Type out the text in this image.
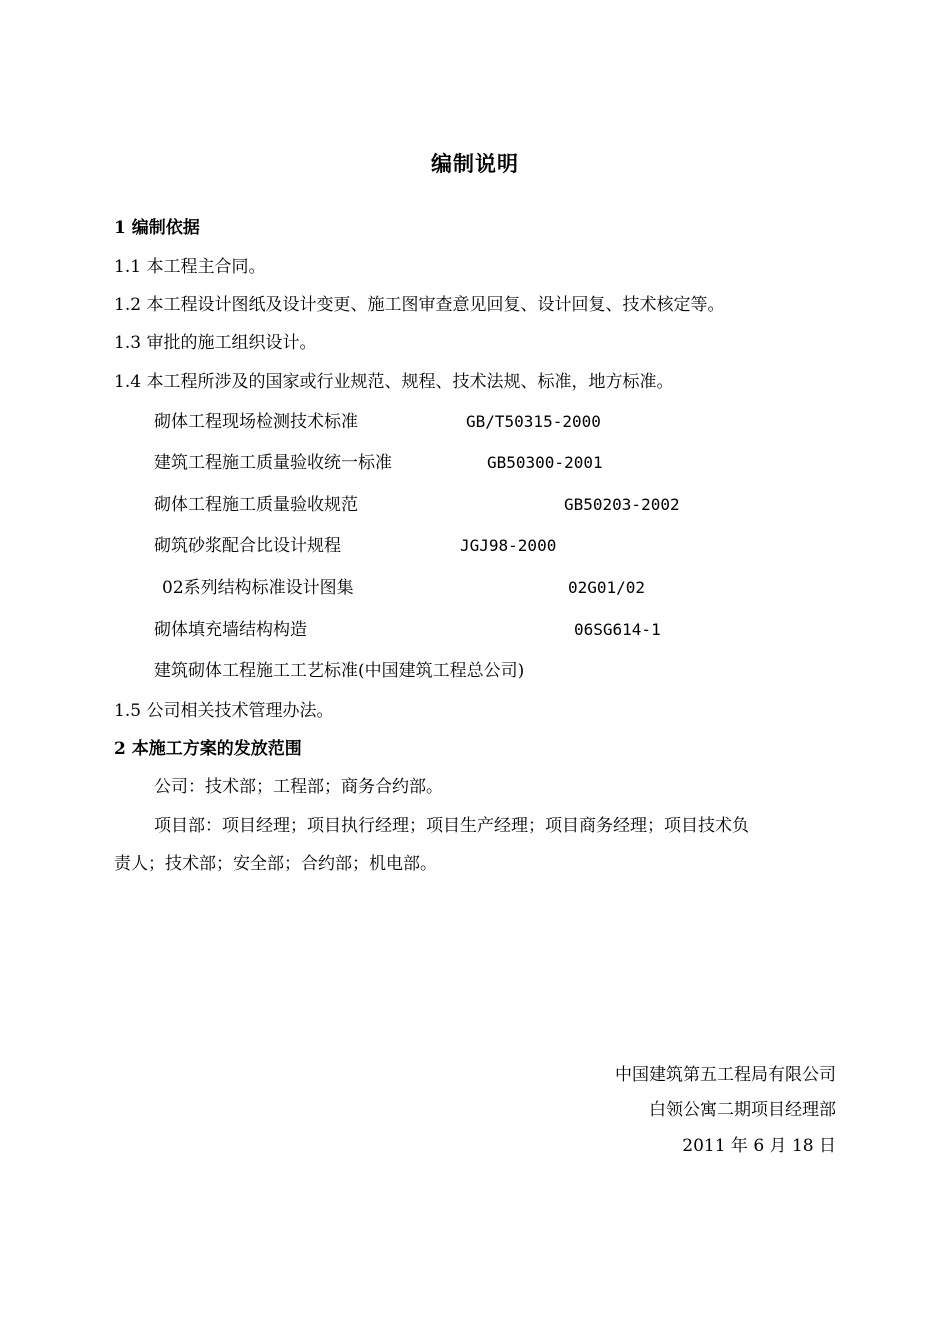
编制说明
1 编制依据
1.1 本工程主合同。
1.2 本工程设计图纸及设计变更、施工图审查意见回复、设计回复、技术核定等。
1.3 审批的施工组织设计。
1.4 本工程所涉及的国家或行业规范、规程、技术法规、标准，地方标准。
砌体工程现场检测技术标准	GB/T50315-2000
建筑工程施工质量验收统一标准	GB50300-2001
砌体工程施工质量验收规范	GB50203-2002
砌筑砂浆配合比设计规程	JGJ98-2000
02系列结构标准设计图集	02G01/02
砌体填充墙结构构造	06SG614-1
建筑砌体工程施工工艺标准(中国建筑工程总公司)
1.5 公司相关技术管理办法。
2 本施工方案的发放范围
公司：技术部；工程部；商务合约部。
项目部：项目经理；项目执行经理；项目生产经理；项目商务经理；项目技术负
责人；技术部；安全部；合约部；机电部。
中国建筑第五工程局有限公司
白领公寓二期项目经理部
2011 年 6 月 18 日
